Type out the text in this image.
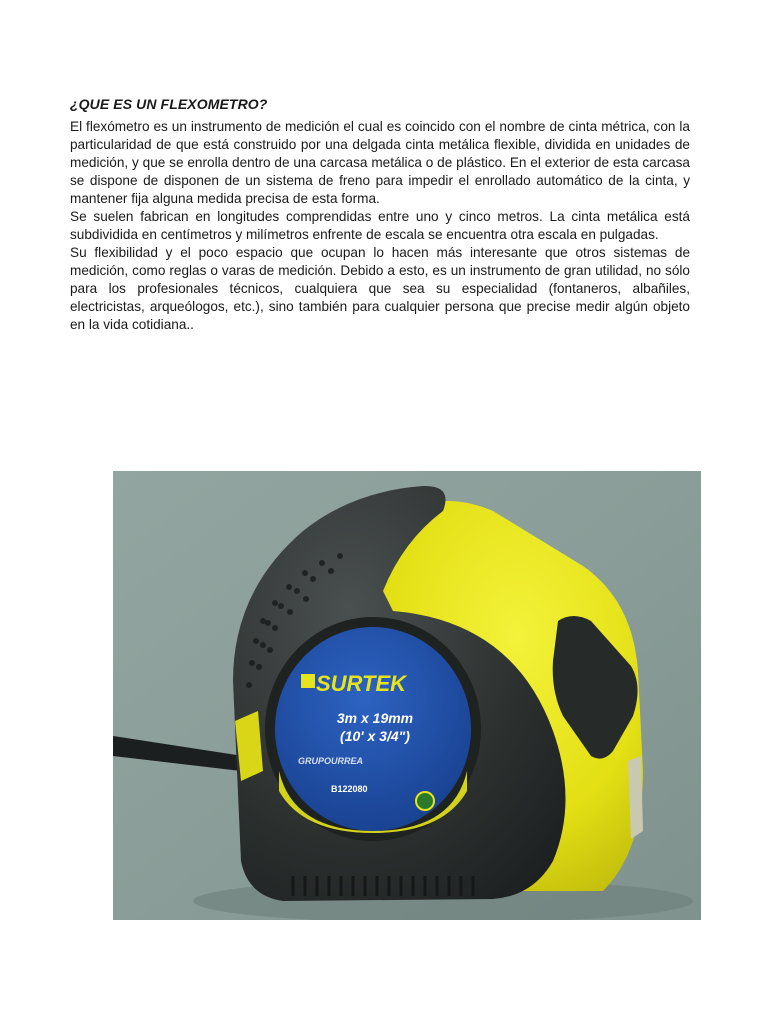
¿QUE ES UN FLEXOMETRO?

El flexómetro es un instrumento de medición el cual es coincido con el nombre de cinta métrica, con la particularidad de que está construido por una delgada cinta metálica flexible, dividida en unidades de medición, y que se enrolla dentro de una carcasa metálica o de plástico. En el exterior de esta carcasa se dispone de disponen de un sistema de freno para impedir el enrollado automático de la cinta, y mantener fija alguna medida precisa de esta forma.

Se suelen fabrican en longitudes comprendidas entre uno y cinco metros. La cinta metálica está subdividida en centímetros y milímetros enfrente de escala se encuentra otra escala en pulgadas.

Su flexibilidad y el poco espacio que ocupan lo hacen más interesante que otros sistemas de medición, como reglas o varas de medición. Debido a esto, es un instrumento de gran utilidad, no sólo para los profesionales técnicos, cualquiera que sea su especialidad (fontaneros, albañiles, electricistas, arqueólogos, etc.), sino también para cualquier persona que precise medir algún objeto en la vida cotidiana..

SURTEK
3m x 19mm
(10' x 3/4")
GRUPOURREA
B122080
